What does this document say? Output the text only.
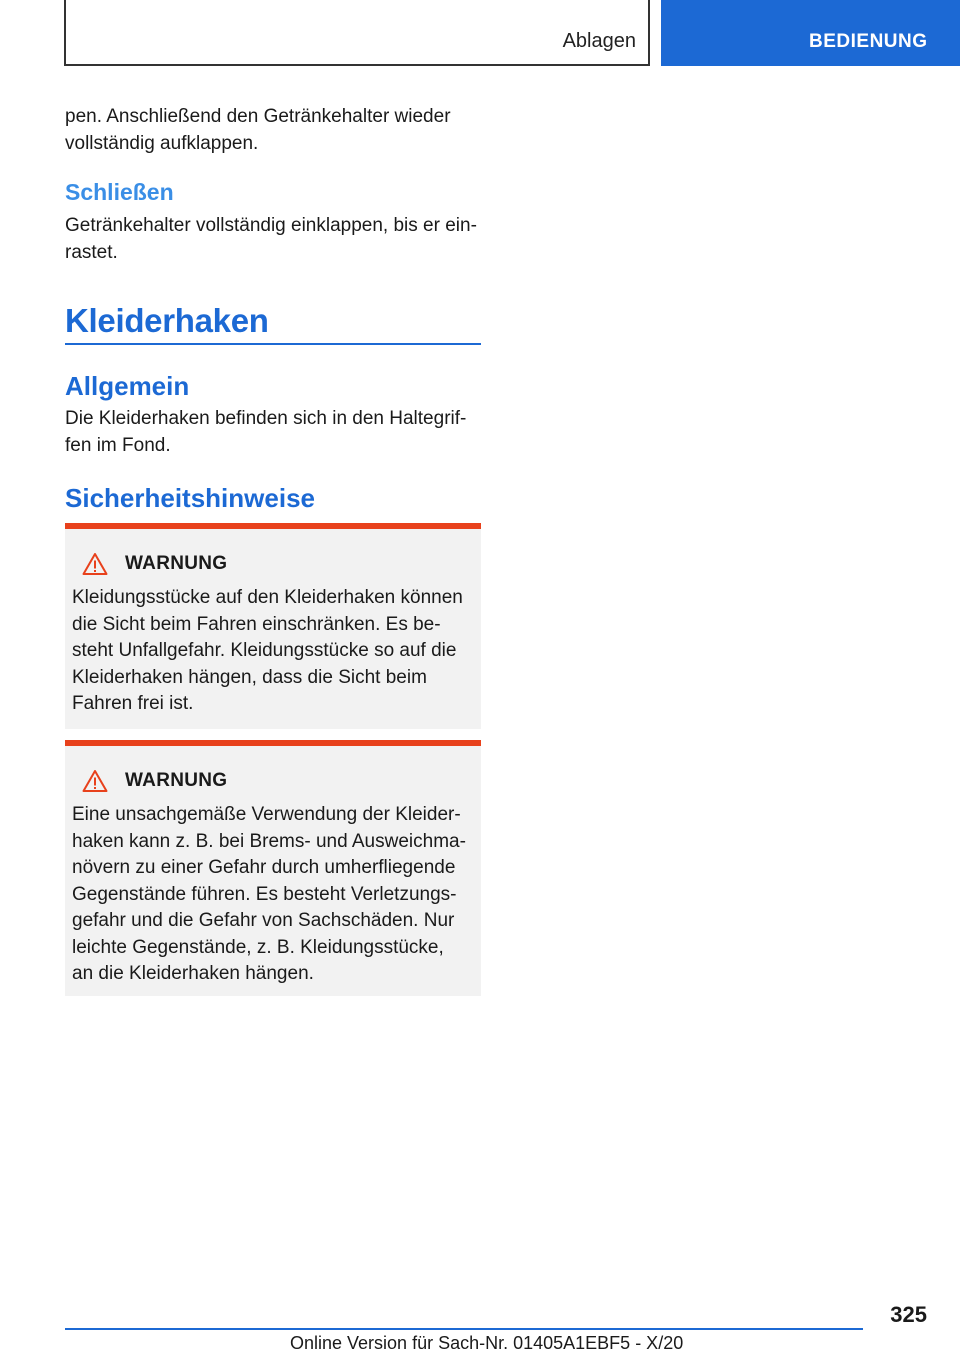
Ablagen	BEDIENUNG

pen. Anschließend den Getränkehalter wieder vollständig aufklappen.

Schließen

Getränkehalter vollständig einklappen, bis er einrastet.

Kleiderhaken
Allgemein

Die Kleiderhaken befinden sich in den Haltegriffen im Fond.

Sicherheitshinweise
WARNUNG

Kleidungsstücke auf den Kleiderhaken können die Sicht beim Fahren einschränken. Es besteht Unfallgefahr. Kleidungsstücke so auf die Kleiderhaken hängen, dass die Sicht beim Fahren frei ist.

WARNUNG

Eine unsachgemäße Verwendung der Kleiderhaken kann z. B. bei Brems- und Ausweichmanövern zu einer Gefahr durch umherfliegende Gegenstände führen. Es besteht Verletzungsgefahr und die Gefahr von Sachschäden. Nur leichte Gegenstände, z. B. Kleidungsstücke, an die Kleiderhaken hängen.

325
Online Version für Sach-Nr. 01405A1EBF5 - X/20
